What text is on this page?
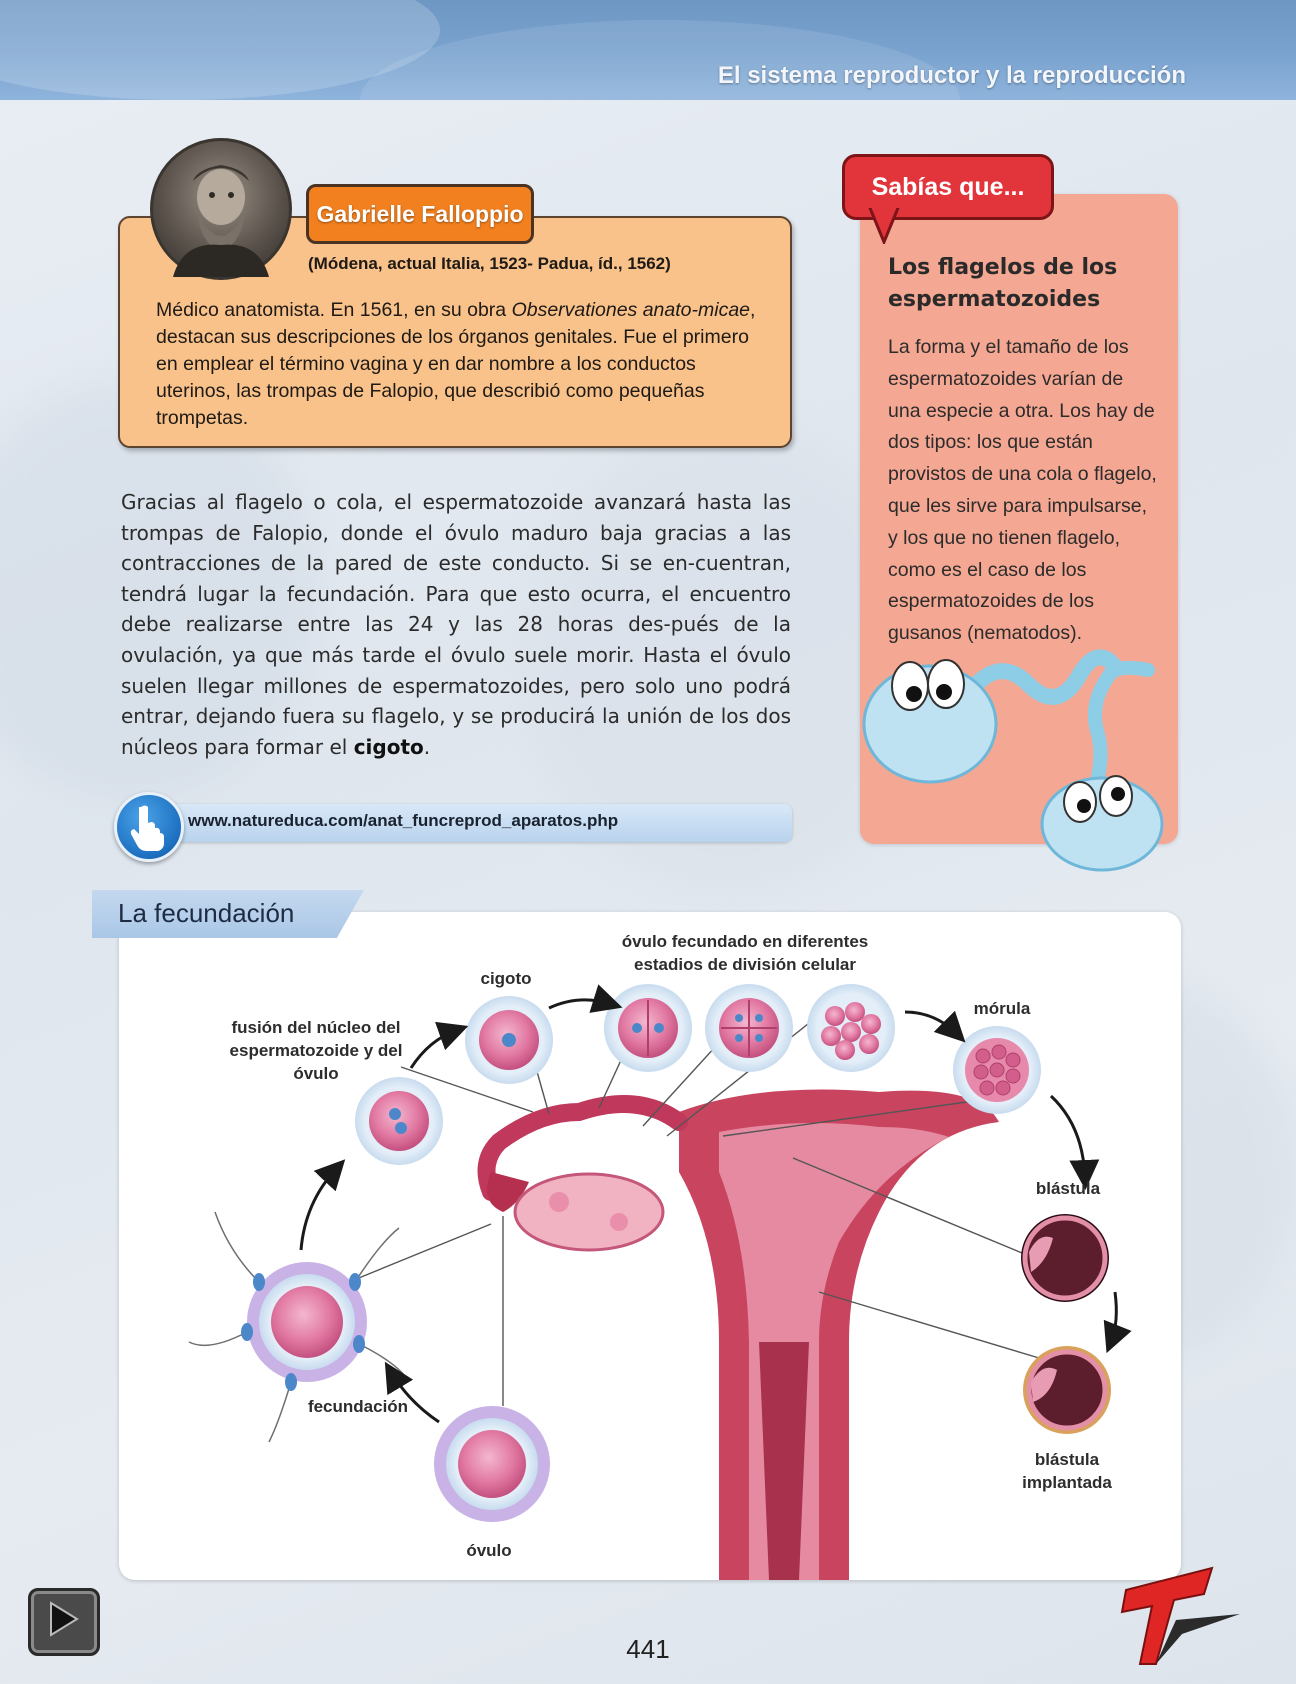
El sistema reproductor y la reproducción
Gabrielle Falloppio
(Módena, actual Italia, 1523- Padua, íd., 1562)
Médico anatomista. En 1561, en su obra Observationes anato-micae, destacan sus descripciones de los órganos genitales. Fue el primero en emplear el término vagina y en dar nombre a los conductos uterinos, las trompas de Falopio, que describió como pequeñas trompetas.
Gracias al flagelo o cola, el espermatozoide avanzará hasta las trompas de Falopio, donde el óvulo maduro baja gracias a las contracciones de la pared de este conducto. Si se en-cuentran, tendrá lugar la fecundación. Para que esto ocurra, el encuentro debe realizarse entre las 24 y las 28 horas des-pués de la ovulación, ya que más tarde el óvulo suele morir. Hasta el óvulo suelen llegar millones de espermatozoides, pero solo uno podrá entrar, dejando fuera su flagelo, y se producirá la unión de los dos núcleos para formar el cigoto.
www.natureduca.com/anat_funcreprod_aparatos.php
Sabías que...
Los flagelos de los espermatozoides
La forma y el tamaño de los espermatozoides varían de una especie a otra. Los hay de dos tipos: los que están provistos de una cola o flagelo, que les sirve para impulsarse, y los que no tienen flagelo, como es el caso de los espermatozoides de los gusanos (nematodos).
La fecundación
óvulo fecundado en diferentes estadios de división celular
cigoto
fusión del núcleo del espermatozoide y del óvulo
mórula
blástula
fecundación
blástula implantada
óvulo
441
